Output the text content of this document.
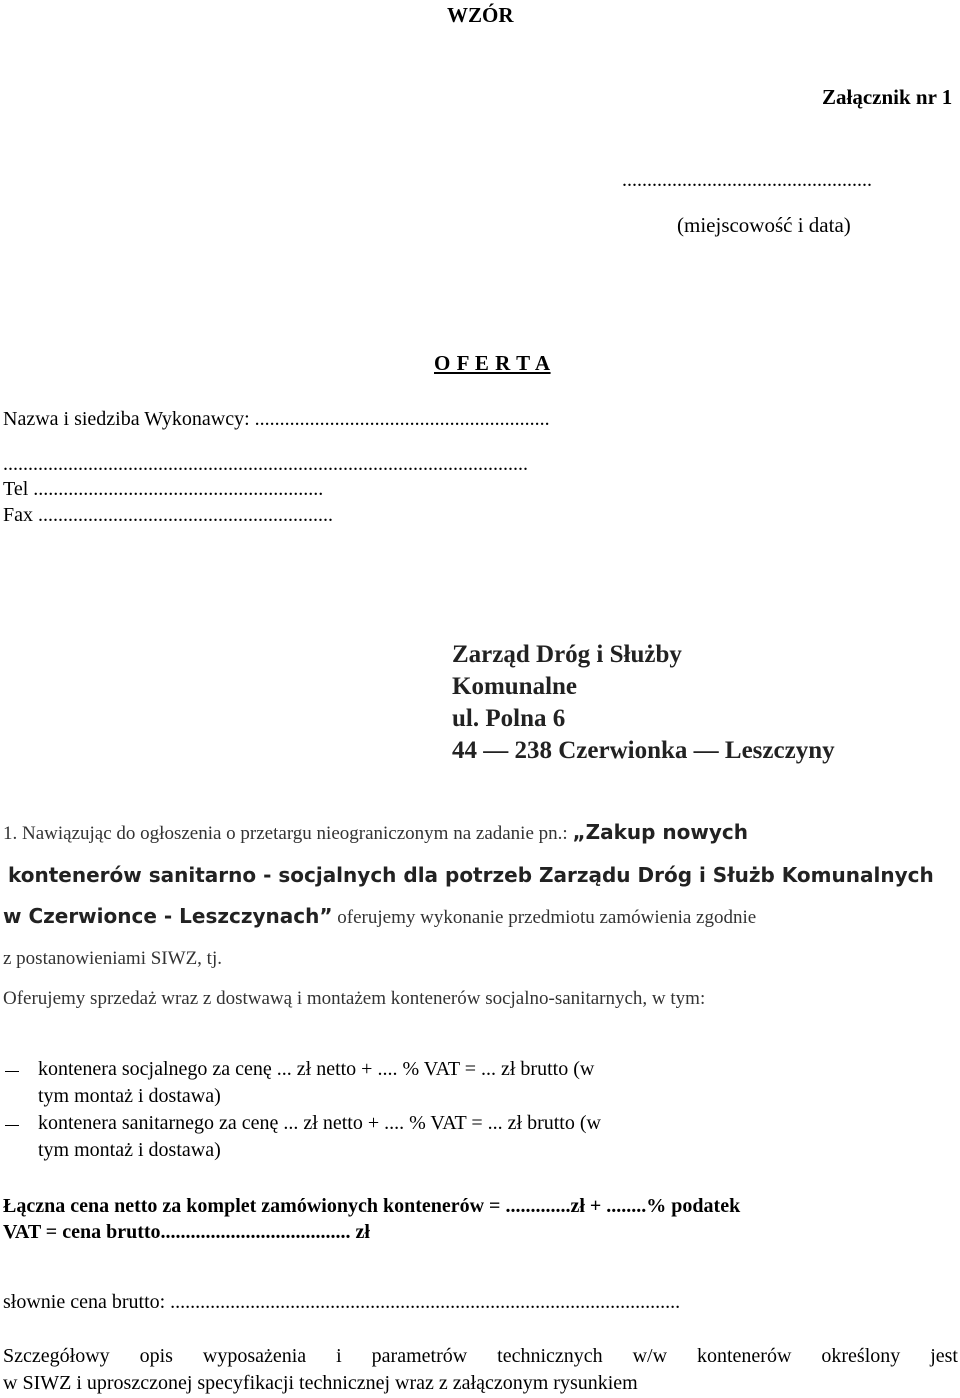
WZÓR

Załącznik nr 1

..................................................

(miejscowość i data)

O F E R T A

Nazwa i siedziba Wykonawcy: ...........................................................

.........................................................................................................

Tel ..........................................................

Fax ...........................................................

Zarząd Dróg i Służby

Komunalne

ul. Polna 6

44 — 238 Czerwionka — Leszczyny

1. Nawiązując do ogłoszenia o przetargu nieograniczonym na zadanie pn.: „Zakup nowych

kontenerów sanitarno - socjalnych dla potrzeb Zarządu Dróg i Służb Komunalnych

w Czerwionce - Leszczynach” oferujemy wykonanie przedmiotu zamówienia zgodnie

z postanowieniami SIWZ, tj.

Oferujemy sprzedaż wraz z dostwawą i montażem kontenerów socjalno-sanitarnych, w tym:

kontenera socjalnego za cenę ... zł netto + .... % VAT = ... zł brutto (w

tym montaż i dostawa)

kontenera sanitarnego za cenę ... zł netto + .... % VAT = ... zł brutto (w

tym montaż i dostawa)

Łączna cena netto za komplet zamówionych kontenerów = .............zł + ........% podatek

VAT = cena brutto...................................... zł

słownie cena brutto: ......................................................................................................

Szczegółowy opis wyposażenia i parametrów technicznych w/w kontenerów określony jest

w SIWZ i uproszczonej specyfikacji technicznej wraz z załączonym rysunkiem
